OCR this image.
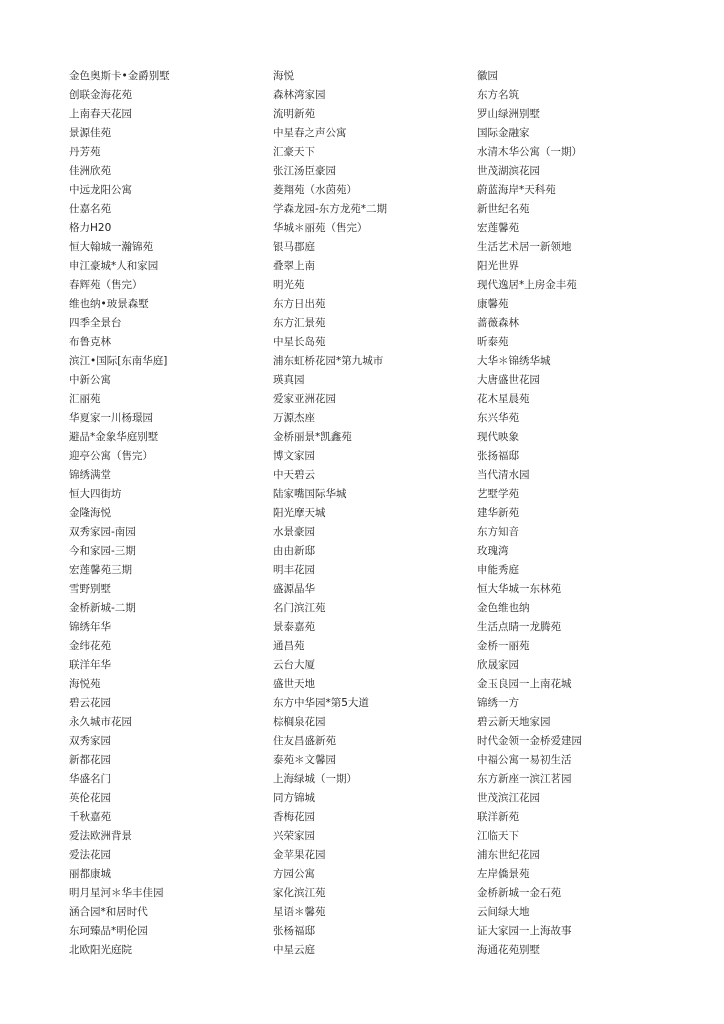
金色奥斯卡•金爵别墅
创联金海花苑
上南春天花园
景源佳苑
丹芳苑
佳洲欣苑
中远龙阳公寓
仕嘉名苑
格力H20
恒大翰城一瀚锦苑
申江豪城*人和家园
春辉苑（售完）
维也纳•玻景森墅
四季全景台
布鲁克林
滨江•国际[东南华庭]
中新公寓
汇丽苑
华夏家一川杨璟园
避品*金象华庭别墅
迎亭公寓（售完）
锦绣满堂
恒大四街坊
金隆海悦
双秀家园-南园
今和家园-三期
宏莲馨苑三期
雪野别墅
金桥新城-二期
锦绣年华
金纬花苑
联洋年华
海悦苑
碧云花园
永久城市花园
双秀家园
新都花园
华盛名门
英伦花园
千秋嘉苑
爱法欧洲背景
爱法花园
丽都康城
明月星河＊华丰佳园
涵合园*和居时代
东珂臻品*明伦园
北欧阳光庭院
海悦
森林湾家园
流明新苑
中星春之声公寓
汇豪天下
张江汤臣豪园
菱翔苑（水茵苑）
学森龙园-东方龙苑*二期
华城＊丽苑（售完）
银马郡庭
叠翠上南
明光苑
东方日出苑
东方汇景苑
中星长岛苑
浦东虹桥花园*第九城市
瑛真园
爱家亚洲花园
万源杰座
金桥丽景*凯鑫苑
博文家园
中天碧云
陆家嘴国际华城
阳光摩天城
水景豪园
由由新邸
明丰花园
盛源晶华
名门滨江苑
景泰嘉苑
通昌苑
云台大厦
盛世天地
东方中华园*第5大道
棕榈泉花园
住友昌盛新苑
泰苑＊文馨园
上海绿城（一期）
同方锦城
香梅花园
兴荣家园
金苹果花园
方园公寓
家化滨江苑
星语＊馨苑
张杨福邸
中星云庭
徽园
东方名筑
罗山绿洲别墅
国际金融家
水清木华公寓（一期）
世茂湖滨花园
蔚蓝海岸*天科苑
新世纪名苑
宏莲馨苑
生活艺术居一新领地
阳光世界
现代逸居*上房金丰苑
康馨苑
蔷薇森林
昕泰苑
大华＊锦绣华城
大唐盛世花园
花木星晨苑
东兴华苑
现代映象
张扬福邸
当代清水园
艺墅学苑
建华新苑
东方知音
玫瑰湾
申能秀庭
恒大华城一东林苑
金色维也纳
生活点睛一龙腾苑
金桥一丽苑
欣晟家园
金玉良园一上南花城
锦绣一方
碧云新天地家园
时代金领一金桥爱建园
中福公寓一易初生活
东方新座一滨江茗园
世茂滨江花园
联洋新苑
江临天下
浦东世纪花园
左岸僑景苑
金桥新城一金石苑
云间绿大地
证大家园一上海故事
海通花苑别墅
